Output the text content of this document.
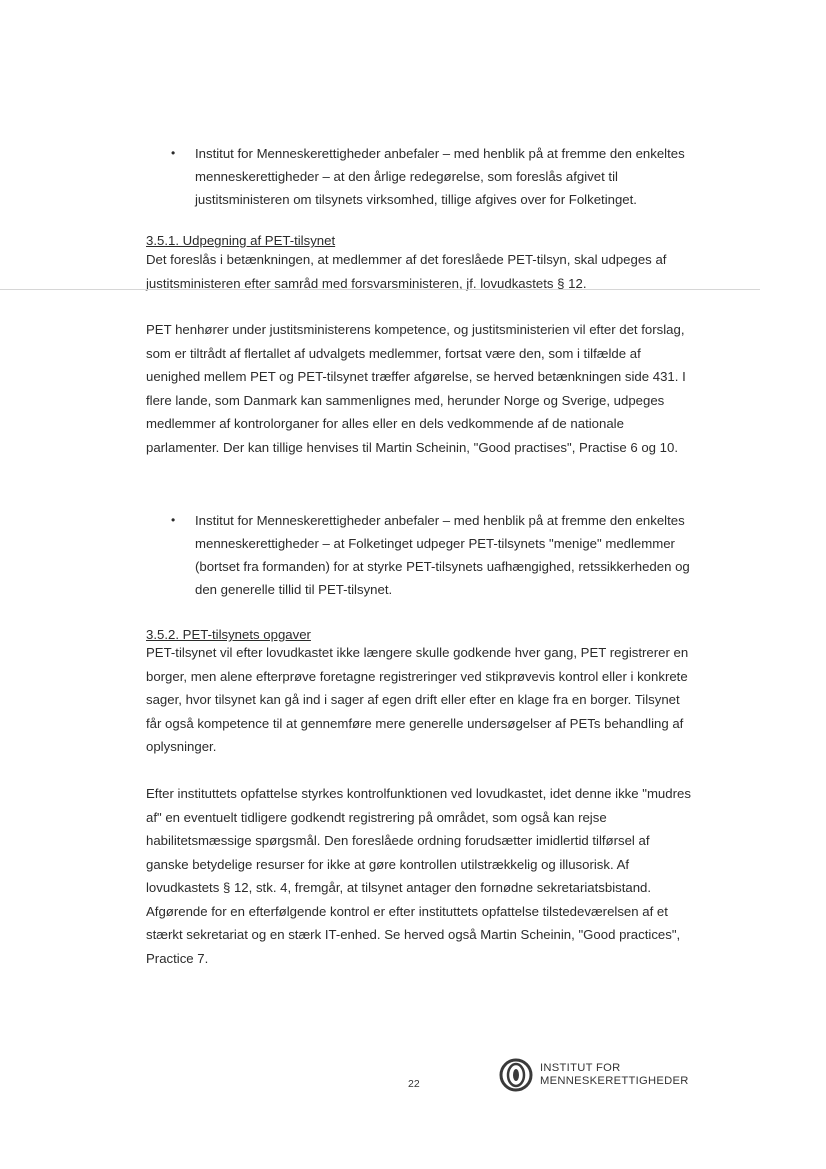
• Institut for Menneskerettigheder anbefaler – med henblik på at fremme den enkeltes menneskerettigheder – at den årlige redegørelse, som foreslås afgivet til justitsministeren om tilsynets virksomhed, tillige afgives over for Folketinget.
3.5.1. Udpegning af PET-tilsynet

Det foreslås i betænkningen, at medlemmer af det foreslåede PET-tilsyn, skal udpeges af justitsministeren efter samråd med forsvarsministeren, jf. lovudkastets § 12.

PET henhører under justitsministerens kompetence, og justitsministerien vil efter det forslag, som er tiltrådt af flertallet af udvalgets medlemmer, fortsat være den, som i tilfælde af uenighed mellem PET og PET-tilsynet træffer afgørelse, se herved betænkningen side 431. I flere lande, som Danmark kan sammenlignes med, herunder Norge og Sverige, udpeges medlemmer af kontrolorganer for alles eller en dels vedkommende af de nationale parlamenter. Der kan tillige henvises til Martin Scheinin, "Good practises", Practise 6 og 10.

• Institut for Menneskerettigheder anbefaler – med henblik på at fremme den enkeltes menneskerettigheder – at Folketinget udpeger PET-tilsynets "menige" medlemmer (bortset fra formanden) for at styrke PET-tilsynets uafhængighed, retssikkerheden og den generelle tillid til PET-tilsynet.
3.5.2. PET-tilsynets opgaver

PET-tilsynet vil efter lovudkastet ikke længere skulle godkende hver gang, PET registrerer en borger, men alene efterprøve foretagne registreringer ved stikprøvevis kontrol eller i konkrete sager, hvor tilsynet kan gå ind i sager af egen drift eller efter en klage fra en borger. Tilsynet får også kompetence til at gennemføre mere generelle undersøgelser af PETs behandling af oplysninger.

Efter instituttets opfattelse styrkes kontrolfunktionen ved lovudkastet, idet denne ikke "mudres af" en eventuelt tidligere godkendt registrering på området, som også kan rejse habilitetsmæssige spørgsmål. Den foreslåede ordning forudsætter imidlertid tilførsel af ganske betydelige resurser for ikke at gøre kontrollen utilstrækkelig og illusorisk. Af lovudkastets § 12, stk. 4, fremgår, at tilsynet antager den fornødne sekretariatsbistand. Afgørende for en efterfølgende kontrol er efter instituttets opfattelse tilstedeværelsen af et stærkt sekretariat og en stærk IT-enhed. Se herved også Martin Scheinin, "Good practices", Practice 7.

22
INSTITUT FOR
MENNESKERETTIGHEDER
